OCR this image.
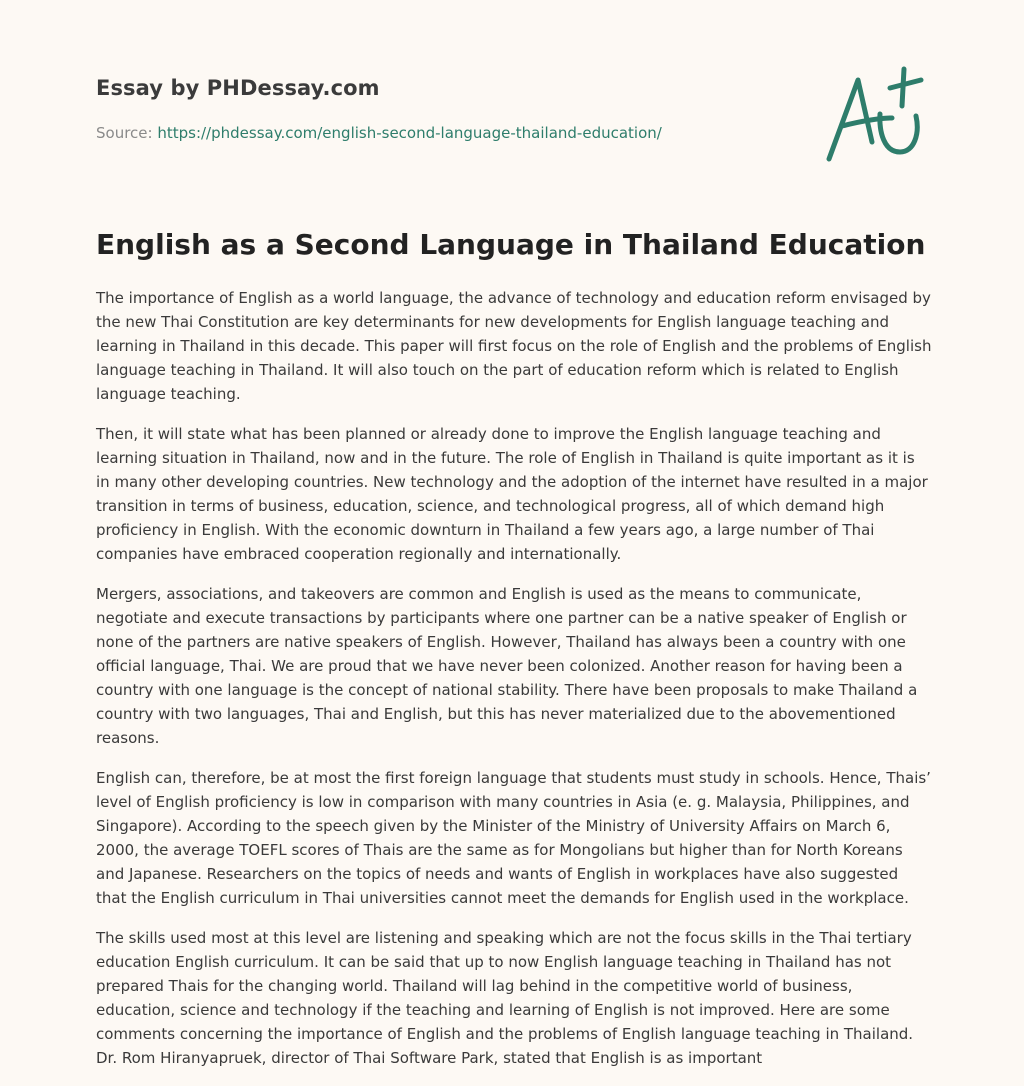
Essay by PHDessay.com
Source: https://phdessay.com/english-second-language-thailand-education/
English as a Second Language in Thailand Education

The importance of English as a world language, the advance of technology and education reform envisaged by the new Thai Constitution are key determinants for new developments for English language teaching and learning in Thailand in this decade. This paper will first focus on the role of English and the problems of English language teaching in Thailand. It will also touch on the part of education reform which is related to English language teaching.

Then, it will state what has been planned or already done to improve the English language teaching and learning situation in Thailand, now and in the future. The role of English in Thailand is quite important as it is in many other developing countries. New technology and the adoption of the internet have resulted in a major transition in terms of business, education, science, and technological progress, all of which demand high proficiency in English. With the economic downturn in Thailand a few years ago, a large number of Thai companies have embraced cooperation regionally and internationally.

Mergers, associations, and takeovers are common and English is used as the means to communicate, negotiate and execute transactions by participants where one partner can be a native speaker of English or none of the partners are native speakers of English. However, Thailand has always been a country with one official language, Thai. We are proud that we have never been colonized. Another reason for having been a country with one language is the concept of national stability. There have been proposals to make Thailand a country with two languages, Thai and English, but this has never materialized due to the abovementioned reasons.

English can, therefore, be at most the first foreign language that students must study in schools. Hence, Thais’ level of English proficiency is low in comparison with many countries in Asia (e. g. Malaysia, Philippines, and Singapore). According to the speech given by the Minister of the Ministry of University Affairs on March 6, 2000, the average TOEFL scores of Thais are the same as for Mongolians but higher than for North Koreans and Japanese. Researchers on the topics of needs and wants of English in workplaces have also suggested that the English curriculum in Thai universities cannot meet the demands for English used in the workplace.

The skills used most at this level are listening and speaking which are not the focus skills in the Thai tertiary education English curriculum. It can be said that up to now English language teaching in Thailand has not prepared Thais for the changing world. Thailand will lag behind in the competitive world of business, education, science and technology if the teaching and learning of English is not improved. Here are some comments concerning the importance of English and the problems of English language teaching in Thailand. Dr. Rom Hiranyapruek, director of Thai Software Park, stated that English is as important
